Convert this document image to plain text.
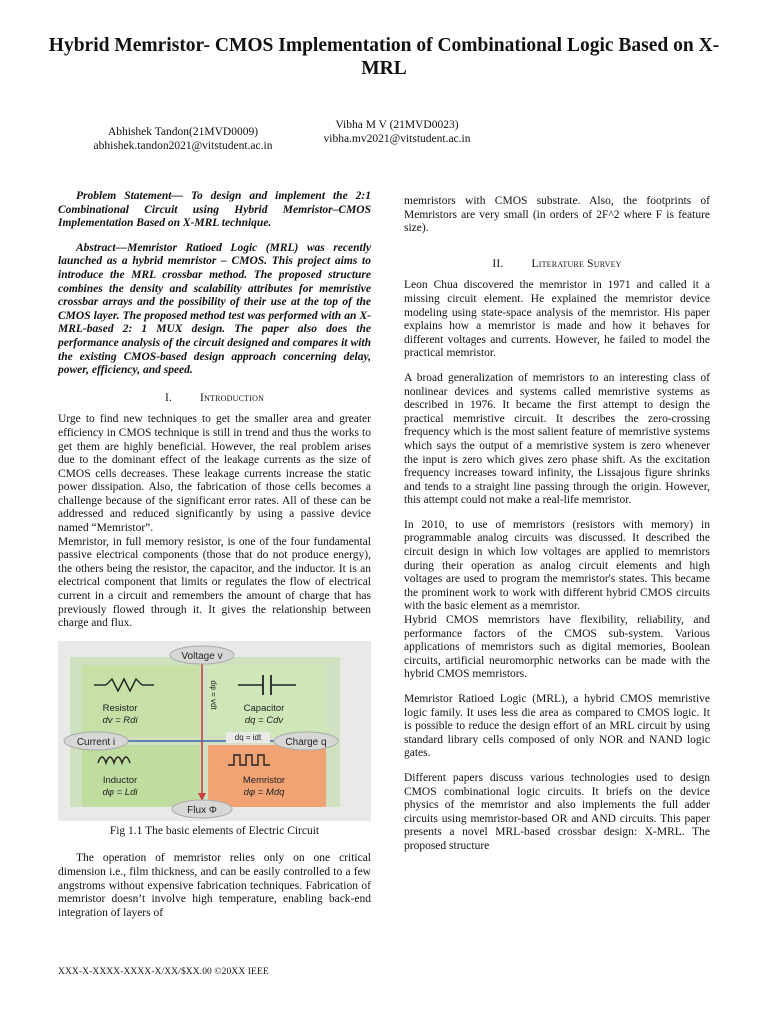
Hybrid Memristor- CMOS Implementation of Combinational Logic Based on X-MRL
Abhishek Tandon(21MVD0009)
abhishek.tandon2021@vitstudent.ac.in
Vibha M V (21MVD0023)
vibha.mv2021@vitstudent.ac.in

Problem Statement— To design and implement the 2:1 Combinational Circuit using Hybrid Memristor–CMOS Implementation Based on X-MRL technique.

Abstract—Memristor Ratioed Logic (MRL) was recently launched as a hybrid memristor – CMOS. This project aims to introduce the MRL crossbar method. The proposed structure combines the density and scalability attributes for memristive crossbar arrays and the possibility of their use at the top of the CMOS layer. The proposed method test was performed with an X-MRL-based 2: 1 MUX design. The paper also does the performance analysis of the circuit designed and compares it with the existing CMOS-based design approach concerning delay, power, efficiency, and speed.

I. Introduction

Urge to find new techniques to get the smaller area and greater efficiency in CMOS technique is still in trend and thus the works to get them are highly beneficial. However, the real problem arises due to the dominant effect of the leakage currents as the size of CMOS cells decreases. These leakage currents increase the static power dissipation. Also, the fabrication of those cells becomes a challenge because of the significant error rates. All of these can be addressed and reduced significantly by using a passive device named “Memristor”.

Memristor, in full memory resistor, is one of the four fundamental passive electrical components (those that do not produce energy), the others being the resistor, the capacitor, and the inductor. It is an electrical component that limits or regulates the flow of electrical current in a circuit and remembers the amount of charge that has previously flowed through it. It gives the relationship between charge and flux.

Voltage v
Current i	Charge q
Flux Φ
Resistor
dv = Rdi
Capacitor
dq = Cdv
Inductor
dφ = Ldi
Memristor
dφ = Mdq
dφ = vdt
dq = idt
Fig 1.1 The basic elements of Electric Circuit

The operation of memristor relies only on one critical dimension i.e., film thickness, and can be easily controlled to a few angstroms without expensive fabrication techniques. Fabrication of memristor doesn’t involve high temperature, enabling back-end integration of layers of

memristors with CMOS substrate. Also, the footprints of Memristors are very small (in orders of 2F^2 where F is feature size).

II. Literature Survey

Leon Chua discovered the memristor in 1971 and called it a missing circuit element. He explained the memristor device modeling using state-space analysis of the memristor. His paper explains how a memristor is made and how it behaves for different voltages and currents. However, he failed to model the practical memristor.

A broad generalization of memristors to an interesting class of nonlinear devices and systems called memristive systems as described in 1976. It became the first attempt to design the practical memristive circuit. It describes the zero-crossing frequency which is the most salient feature of memristive systems which says the output of a memristive system is zero whenever the input is zero which gives zero phase shift. As the excitation frequency increases toward infinity, the Lissajous figure shrinks and tends to a straight line passing through the origin. However, this attempt could not make a real-life memristor.

In 2010, to use of memristors (resistors with memory) in programmable analog circuits was discussed. It described the circuit design in which low voltages are applied to memristors during their operation as analog circuit elements and high voltages are used to program the memristor's states. This became the prominent work to work with different hybrid CMOS circuits with the basic element as a memristor.

Hybrid CMOS memristors have flexibility, reliability, and performance factors of the CMOS sub-system. Various applications of memristors such as digital memories, Boolean circuits, artificial neuromorphic networks can be made with the hybrid CMOS memristors.

Memristor Ratioed Logic (MRL), a hybrid CMOS memristive logic family. It uses less die area as compared to CMOS logic. It is possible to reduce the design effort of an MRL circuit by using standard library cells composed of only NOR and NAND logic gates.

Different papers discuss various technologies used to design CMOS combinational logic circuits. It briefs on the device physics of the memristor and also implements the full adder circuits using memristor-based OR and AND circuits. This paper presents a novel MRL-based crossbar design: X-MRL. The proposed structure

XXX-X-XXXX-XXXX-X/XX/$XX.00 ©20XX IEEE
